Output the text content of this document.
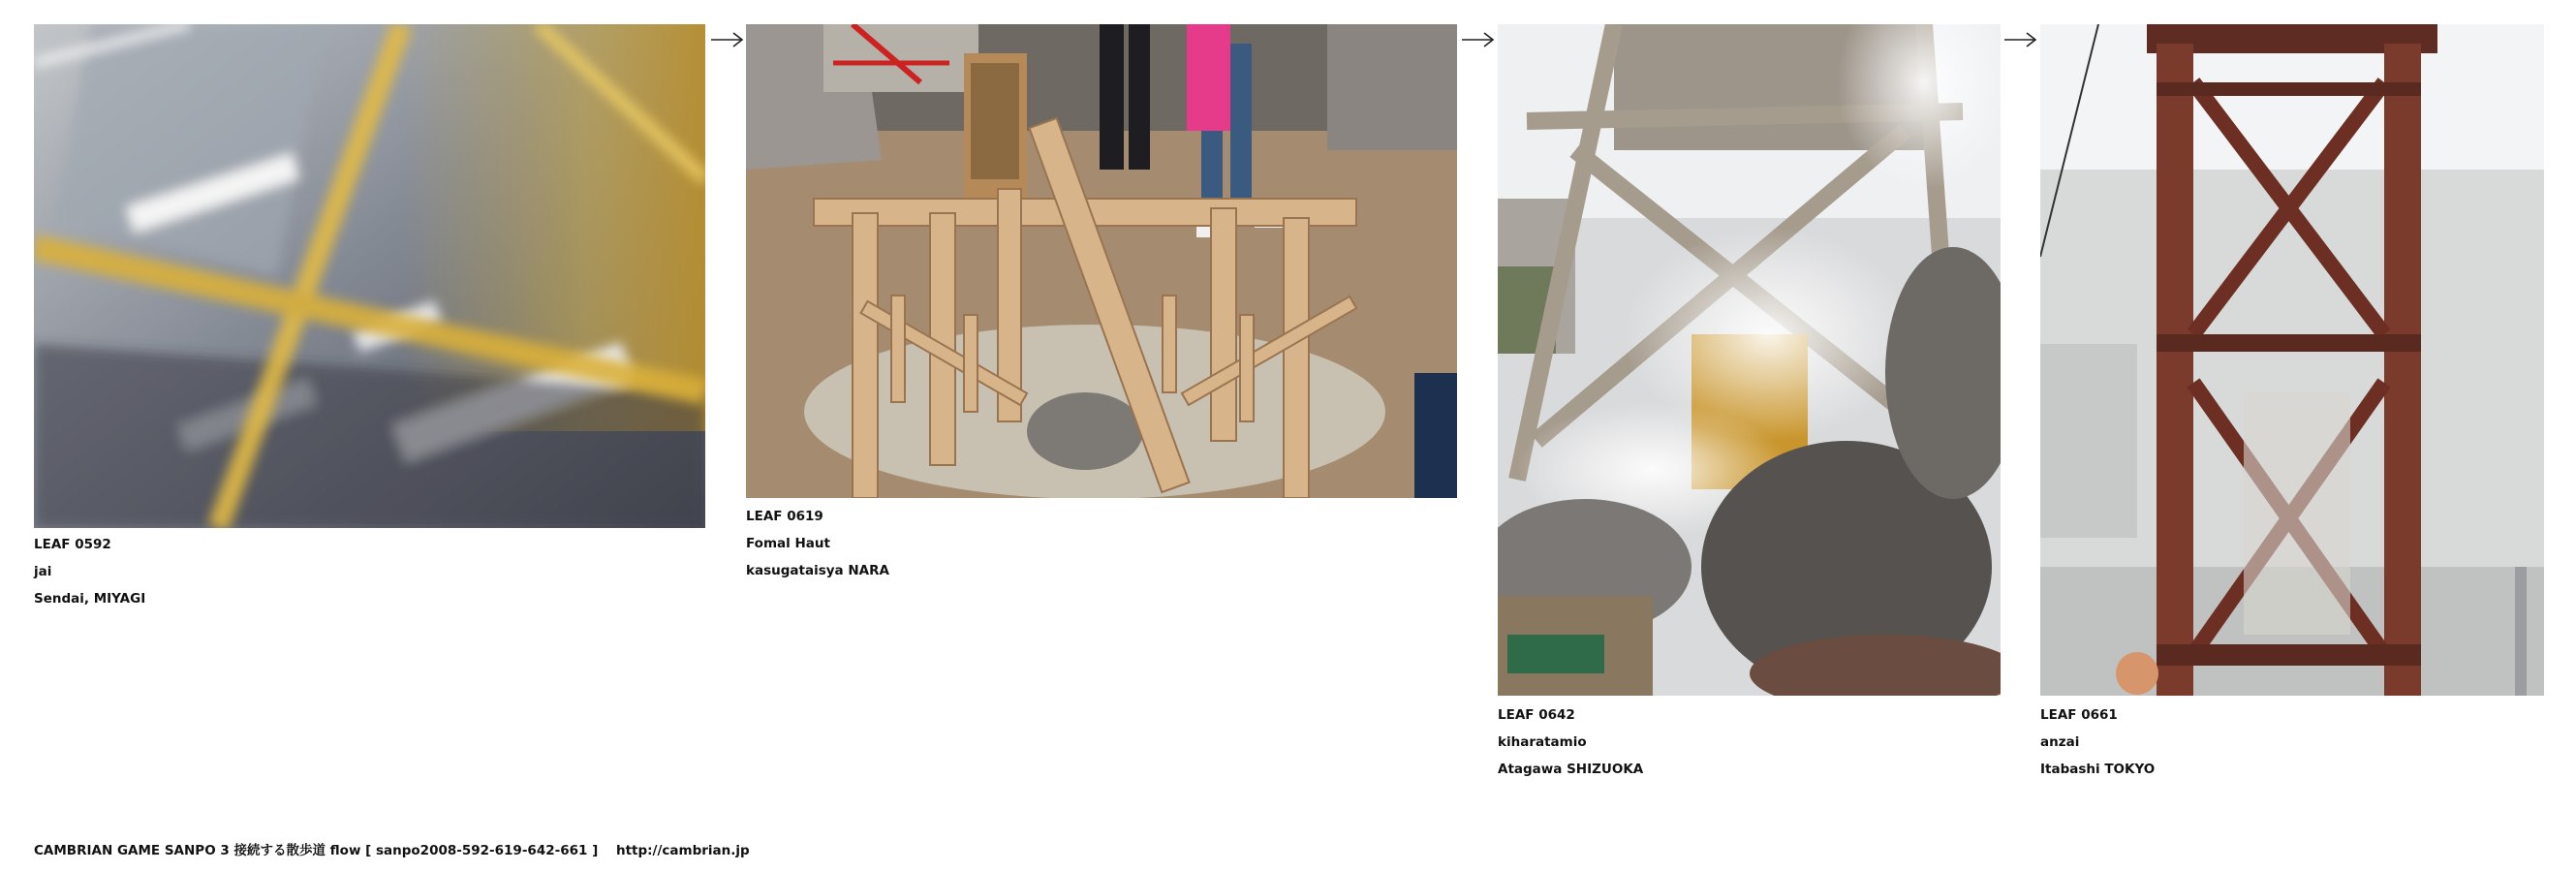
LEAF 0592
jai
Sendai, MIYAGI
LEAF 0619
Fomal Haut
kasugataisya NARA
LEAF 0642
kiharatamio
Atagawa SHIZUOKA
LEAF 0661
anzai
Itabashi TOKYO
CAMBRIAN GAME SANPO 3 接続する散歩道 flow [ sanpo2008-592-619-642-661 ] http://cambrian.jp
